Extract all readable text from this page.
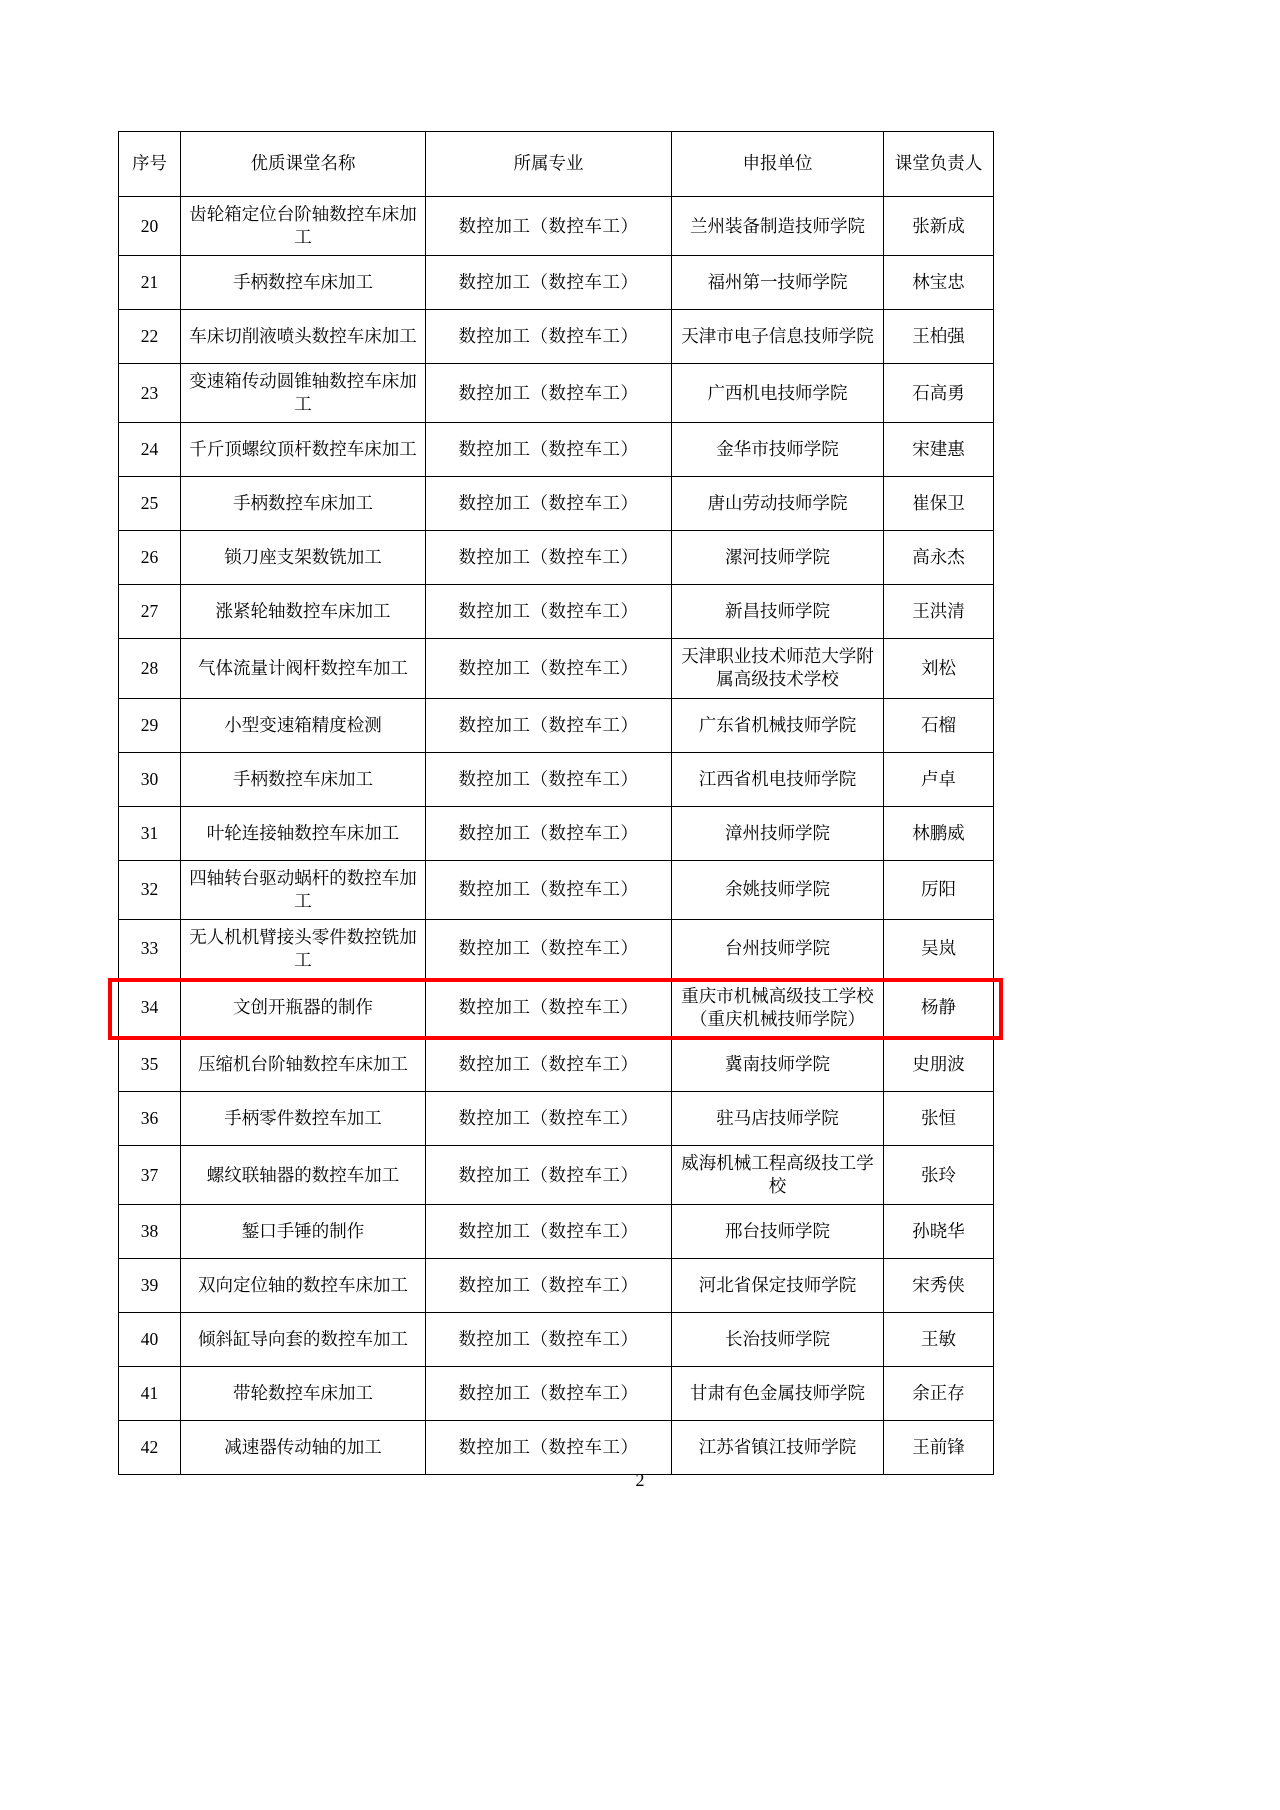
序号	优质课堂名称	所属专业	申报单位	课堂负责人
20	齿轮箱定位台阶轴数控车床加工	数控加工（数控车工）	兰州装备制造技师学院	张新成
21	手柄数控车床加工	数控加工（数控车工）	福州第一技师学院	林宝忠
22	车床切削液喷头数控车床加工	数控加工（数控车工）	天津市电子信息技师学院	王柏强
23	变速箱传动圆锥轴数控车床加工	数控加工（数控车工）	广西机电技师学院	石高勇
24	千斤顶螺纹顶杆数控车床加工	数控加工（数控车工）	金华市技师学院	宋建惠
25	手柄数控车床加工	数控加工（数控车工）	唐山劳动技师学院	崔保卫
26	锁刀座支架数铣加工	数控加工（数控车工）	漯河技师学院	高永杰
27	涨紧轮轴数控车床加工	数控加工（数控车工）	新昌技师学院	王洪清
28	气体流量计阀杆数控车加工	数控加工（数控车工）	天津职业技术师范大学附属高级技术学校	刘松
29	小型变速箱精度检测	数控加工（数控车工）	广东省机械技师学院	石榴
30	手柄数控车床加工	数控加工（数控车工）	江西省机电技师学院	卢卓
31	叶轮连接轴数控车床加工	数控加工（数控车工）	漳州技师学院	林鹏威
32	四轴转台驱动蜗杆的数控车加工	数控加工（数控车工）	余姚技师学院	厉阳
33	无人机机臂接头零件数控铣加工	数控加工（数控车工）	台州技师学院	吴岚
34	文创开瓶器的制作	数控加工（数控车工）	重庆市机械高级技工学校（重庆机械技师学院）	杨静
35	压缩机台阶轴数控车床加工	数控加工（数控车工）	冀南技师学院	史朋波
36	手柄零件数控车加工	数控加工（数控车工）	驻马店技师学院	张恒
37	螺纹联轴器的数控车加工	数控加工（数控车工）	威海机械工程高级技工学校	张玲
38	錾口手锤的制作	数控加工（数控车工）	邢台技师学院	孙晓华
39	双向定位轴的数控车床加工	数控加工（数控车工）	河北省保定技师学院	宋秀侠
40	倾斜缸导向套的数控车加工	数控加工（数控车工）	长治技师学院	王敏
41	带轮数控车床加工	数控加工（数控车工）	甘肃有色金属技师学院	余正存
42	减速器传动轴的加工	数控加工（数控车工）	江苏省镇江技师学院	王前锋
2
